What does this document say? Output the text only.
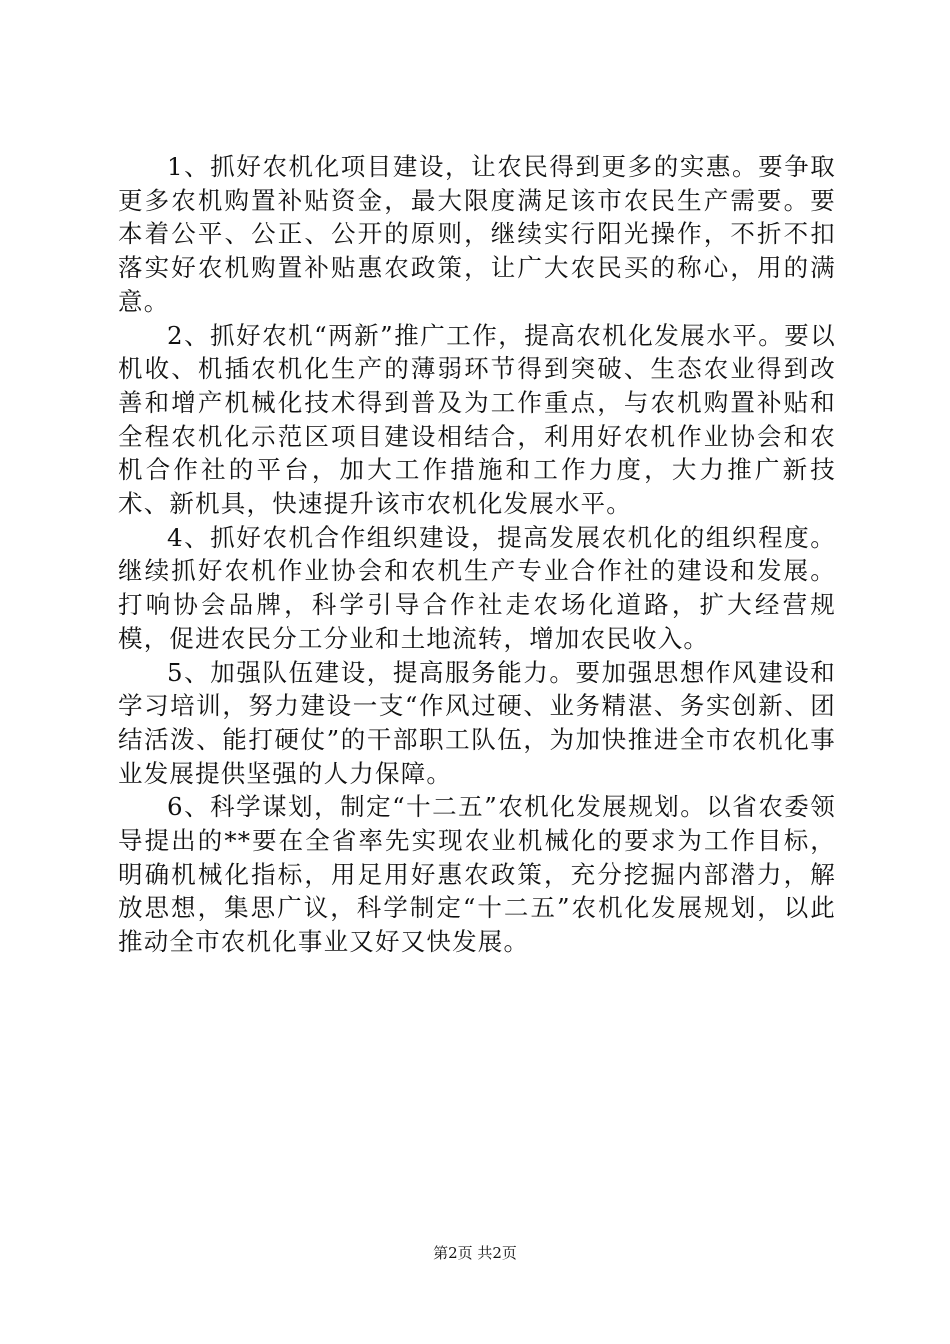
1、抓好农机化项目建设，让农民得到更多的实惠。要争取更多农机购置补贴资金，最大限度满足该市农民生产需要。要本着公平、公正、公开的原则，继续实行阳光操作，不折不扣落实好农机购置补贴惠农政策，让广大农民买的称心，用的满意。

2、抓好农机“两新”推广工作，提高农机化发展水平。要以机收、机插农机化生产的薄弱环节得到突破、生态农业得到改善和增产机械化技术得到普及为工作重点，与农机购置补贴和全程农机化示范区项目建设相结合，利用好农机作业协会和农机合作社的平台，加大工作措施和工作力度，大力推广新技术、新机具，快速提升该市农机化发展水平。

4、抓好农机合作组织建设，提高发展农机化的组织程度。继续抓好农机作业协会和农机生产专业合作社的建设和发展。打响协会品牌，科学引导合作社走农场化道路，扩大经营规模，促进农民分工分业和土地流转，增加农民收入。

5、加强队伍建设，提高服务能力。要加强思想作风建设和学习培训，努力建设一支“作风过硬、业务精湛、务实创新、团结活泼、能打硬仗”的干部职工队伍，为加快推进全市农机化事业发展提供坚强的人力保障。

6、科学谋划，制定“十二五”农机化发展规划。以省农委领导提出的**要在全省率先实现农业机械化的要求为工作目标，明确机械化指标，用足用好惠农政策，充分挖掘内部潜力，解放思想，集思广议，科学制定“十二五”农机化发展规划，以此推动全市农机化事业又好又快发展。

第2页 共2页
